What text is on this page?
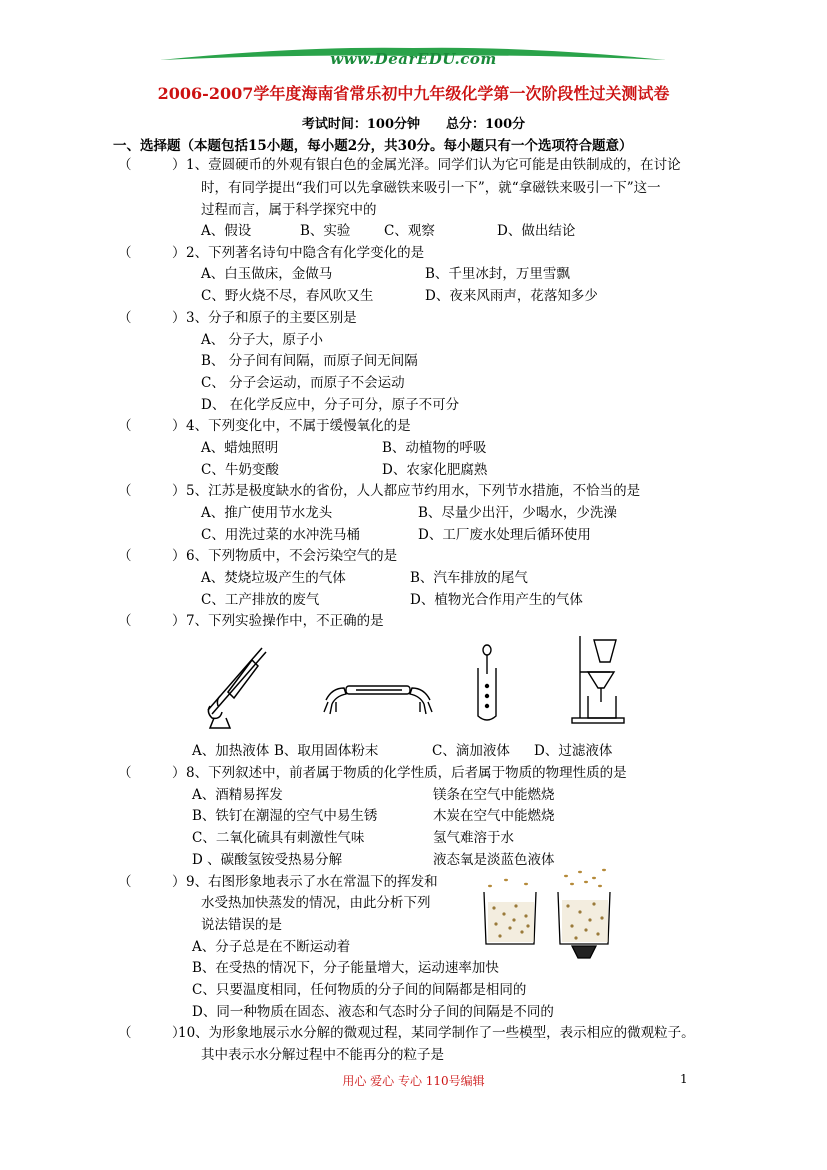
www.DearEDU.com
2006-2007学年度海南省常乐初中九年级化学第一次阶段性过关测试卷
考试时间：100分钟　　总分：100分
一、选择题（本题包括15小题，每小题2分，共30分。每小题只有一个选项符合题意）
（　　　） 1、壹圆硬币的外观有银白色的金属光泽。同学们认为它可能是由铁制成的，在讨论
时，有同学提出“我们可以先拿磁铁来吸引一下”，就“拿磁铁来吸引一下”这一
过程而言，属于科学探究中的
A、假设	B、实验 C、观察	D、做出结论
（　　　） 2、下列著名诗句中隐含有化学变化的是
A、白玉做床，金做马	B、千里冰封，万里雪飘
C、野火烧不尽，春风吹又生	D、夜来风雨声，花落知多少
（　　　） 3、分子和原子的主要区别是
A、 分子大，原子小
B、 分子间有间隔，而原子间无间隔
C、 分子会运动，而原子不会运动
D、 在化学反应中，分子可分，原子不可分
（　　　） 4、下列变化中，不属于缓慢氧化的是
A、蜡烛照明	B、动植物的呼吸
C、牛奶变酸	D、农家化肥腐熟
（　　　） 5、江苏是极度缺水的省份，人人都应节约用水，下列节水措施，不恰当的是
A、推广使用节水龙头	B、尽量少出汗，少喝水，少洗澡
C、用洗过菜的水冲洗马桶	D、工厂废水处理后循环使用
（　　　） 6、下列物质中，不会污染空气的是
A、焚烧垃圾产生的气体	B、汽车排放的尾气
C、工产排放的废气	D、植物光合作用产生的气体
（　　　） 7、下列实验操作中，不正确的是
A、加热液体 B、取用固体粉末	C、滴加液体 D、过滤液体
（　　　） 8、下列叙述中，前者属于物质的化学性质，后者属于物质的物理性质的是
A、酒精易挥发	镁条在空气中能燃烧
B、铁钉在潮湿的空气中易生锈	木炭在空气中能燃烧
C、二氧化硫具有刺激性气味	氢气难溶于水
D 、碳酸氢铵受热易分解	液态氧是淡蓝色液体
（　　　） 9、右图形象地表示了水在常温下的挥发和
水受热加快蒸发的情况，由此分析下列
说法错误的是
A、分子总是在不断运动着
B、在受热的情况下，分子能量增大，运动速率加快
C、只要温度相同，任何物质的分子间的间隔都是相同的
D、同一种物质在固态、液态和气态时分子间的间隔是不同的
（　　　）
10、为形象地展示水分解的微观过程，某同学制作了一些模型，表示相应的微观粒子。
其中表示水分解过程中不能再分的粒子是
用心 爱心 专心 110号编辑	1
